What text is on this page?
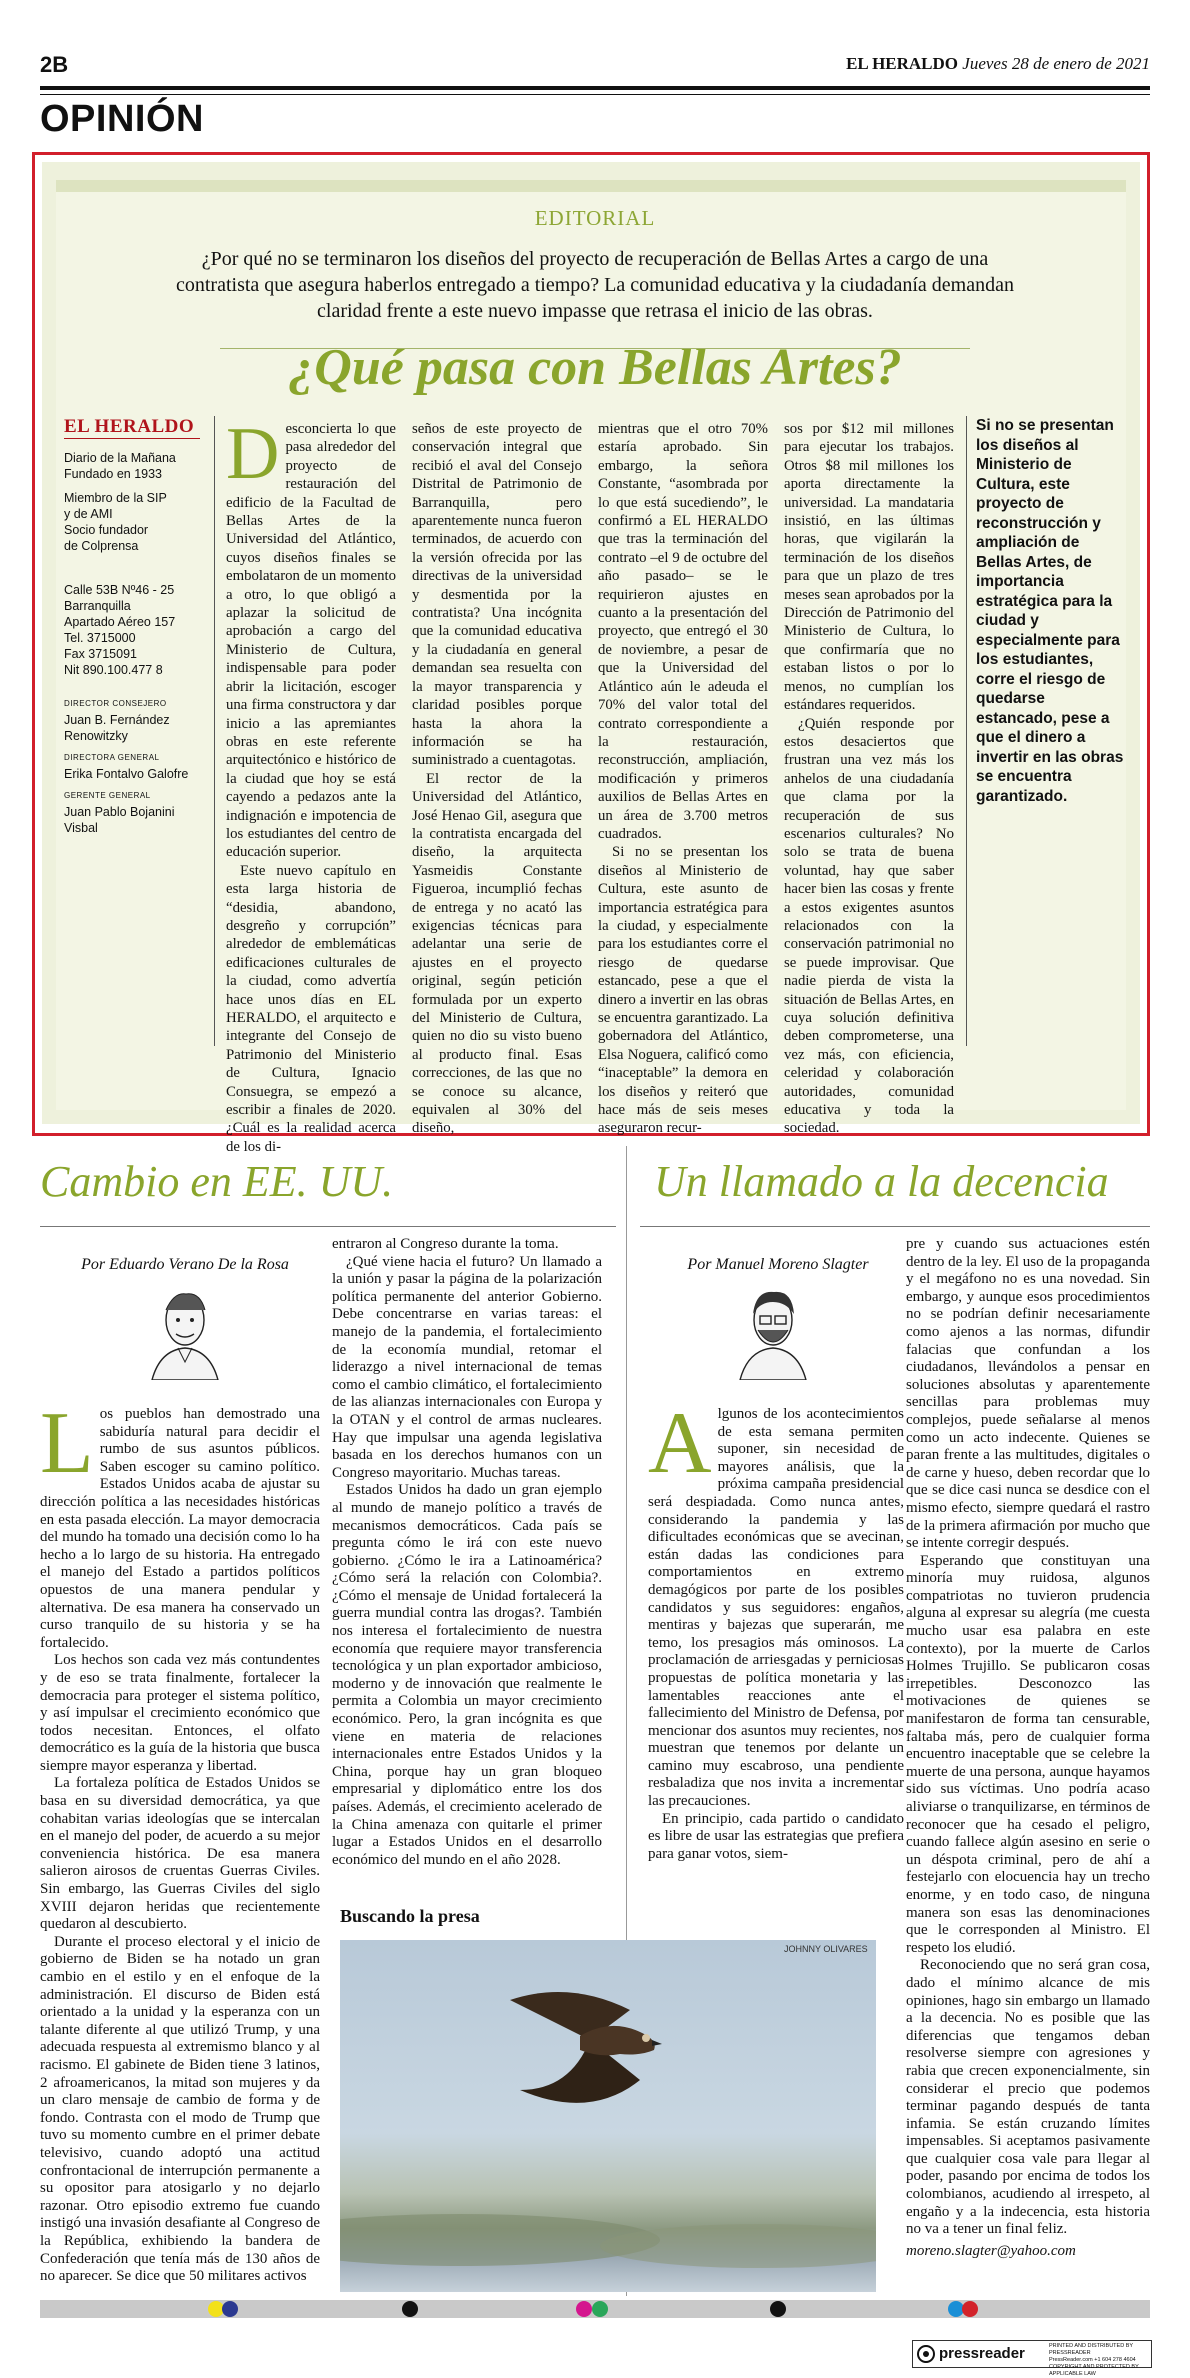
2B	EL HERALDO Jueves 28 de enero de 2021
OPINIÓN
EDITORIAL
¿Por qué no se terminaron los diseños del proyecto de recuperación de Bellas Artes a cargo de una contratista que asegura haberlos entregado a tiempo? La comunidad educativa y la ciudadanía demandan claridad frente a este nuevo impasse que retrasa el inicio de las obras.
¿Qué pasa con Bellas Artes?
EL HERALDO
Diario de la Mañana
Fundado en 1933
Miembro de la SIP
y de AMI
Socio fundador
de Colprensa
Calle 53B Nº46 - 25
Barranquilla
Apartado Aéreo 157
Tel. 3715000
Fax 3715091
Nit 890.100.477 8
DIRECTOR CONSEJERO
Juan B. Fernández Renowitzky
DIRECTORA GENERAL
Erika Fontalvo Galofre
GERENTE GENERAL
Juan Pablo Bojanini Visbal

Desconcierta lo que pasa alrededor del proyecto de restauración del edificio de la Facultad de Bellas Artes de la Universidad del Atlántico, cuyos diseños finales se embolataron de un momento a otro, lo que obligó a aplazar la solicitud de aprobación a cargo del Ministerio de Cultura, indispensable para poder abrir la licitación, escoger una firma constructora y dar inicio a las apremiantes obras en este referente arquitectónico e histórico de la ciudad que hoy se está cayendo a pedazos ante la indignación e impotencia de los estudiantes del centro de educación superior.

Este nuevo capítulo en esta larga historia de “desidia, abandono, desgreño y corrupción” alrededor de emblemáticas edificaciones culturales de la ciudad, como advertía hace unos días en EL HERALDO, el arquitecto e integrante del Consejo de Patrimonio del Ministerio de Cultura, Ignacio Consuegra, se empezó a escribir a finales de 2020. ¿Cuál es la realidad acerca de los di-

seños de este proyecto de conservación integral que recibió el aval del Consejo Distrital de Patrimonio de Barranquilla, pero aparentemente nunca fueron terminados, de acuerdo con la versión ofrecida por las directivas de la universidad y desmentida por la contratista? Una incógnita que la comunidad educativa y la ciudadanía en general demandan sea resuelta con la mayor transparencia y claridad posibles porque hasta la ahora la información se ha suministrado a cuentagotas.

El rector de la Universidad del Atlántico, José Henao Gil, asegura que la contratista encargada del diseño, la arquitecta Yasmeidis Constante Figueroa, incumplió fechas de entrega y no acató las exigencias técnicas para adelantar una serie de ajustes en el proyecto original, según petición formulada por un experto del Ministerio de Cultura, quien no dio su visto bueno al producto final. Esas correcciones, de las que no se conoce su alcance, equivalen al 30% del diseño,

mientras que el otro 70% estaría aprobado. Sin embargo, la señora Constante, “asombrada por lo que está sucediendo”, le confirmó a EL HERALDO que tras la terminación del contrato –el 9 de octubre del año pasado– se le requirieron ajustes en cuanto a la presentación del proyecto, que entregó el 30 de noviembre, a pesar de que la Universidad del Atlántico aún le adeuda el 70% del valor total del contrato correspondiente a la restauración, reconstrucción, ampliación, modificación y primeros auxilios de Bellas Artes en un área de 3.700 metros cuadrados.

Si no se presentan los diseños al Ministerio de Cultura, este asunto de importancia estratégica para la ciudad, y especialmente para los estudiantes corre el riesgo de quedarse estancado, pese a que el dinero a invertir en las obras se encuentra garantizado. La gobernadora del Atlántico, Elsa Noguera, calificó como “inaceptable” la demora en los diseños y reiteró que hace más de seis meses aseguraron recur-

sos por $12 mil millones para ejecutar los trabajos. Otros $8 mil millones los aporta directamente la universidad. La mandataria insistió, en las últimas horas, que vigilarán la terminación de los diseños para que un plazo de tres meses sean aprobados por la Dirección de Patrimonio del Ministerio de Cultura, lo que confirmaría que no estaban listos o por lo menos, no cumplían los estándares requeridos.

¿Quién responde por estos desaciertos que frustran una vez más los anhelos de una ciudadanía que clama por la recuperación de sus escenarios culturales? No solo se trata de buena voluntad, hay que saber hacer bien las cosas y frente a estos exigentes asuntos relacionados con la conservación patrimonial no se puede improvisar. Que nadie pierda de vista la situación de Bellas Artes, en cuya solución definitiva deben comprometerse, una vez más, con eficiencia, celeridad y colaboración autoridades, comunidad educativa y toda la sociedad.

Si no se presentan los diseños al Ministerio de Cultura, este proyecto de reconstrucción y ampliación de Bellas Artes, de importancia estratégica para la ciudad y especialmente para los estudiantes, corre el riesgo de quedarse estancado, pese a que el dinero a invertir en las obras se encuentra garantizado.
Cambio en EE. UU.
Por Eduardo Verano De la Rosa

Los pueblos han demostrado una sabiduría natural para decidir el rumbo de sus asuntos públicos. Saben escoger su camino político. Estados Unidos acaba de ajustar su dirección política a las necesidades históricas en esta pasada elección. La mayor democracia del mundo ha tomado una decisión como lo ha hecho a lo largo de su historia. Ha entregado el manejo del Estado a partidos políticos opuestos de una manera pendular y alternativa. De esa manera ha conservado un curso tranquilo de su historia y se ha fortalecido.

Los hechos son cada vez más contundentes y de eso se trata finalmente, fortalecer la democracia para proteger el sistema político, y así impulsar el crecimiento económico que todos necesitan. Entonces, el olfato democrático es la guía de la historia que busca siempre mayor esperanza y libertad.

La fortaleza política de Estados Unidos se basa en su diversidad democrática, ya que cohabitan varias ideologías que se intercalan en el manejo del poder, de acuerdo a su mejor conveniencia histórica. De esa manera salieron airosos de cruentas Guerras Civiles. Sin embargo, las Guerras Civiles del siglo XVIII dejaron heridas que recientemente quedaron al descubierto.

Durante el proceso electoral y el inicio de gobierno de Biden se ha notado un gran cambio en el estilo y en el enfoque de la administración. El discurso de Biden está orientado a la unidad y la esperanza con un talante diferente al que utilizó Trump, y una adecuada respuesta al extremismo blanco y al racismo. El gabinete de Biden tiene 3 latinos, 2 afroamericanos, la mitad son mujeres y da un claro mensaje de cambio de forma y de fondo. Contrasta con el modo de Trump que tuvo su momento cumbre en el primer debate televisivo, cuando adoptó una actitud confrontacional de interrupción permanente a su opositor para atosigarlo y no dejarlo razonar. Otro episodio extremo fue cuando instigó una invasión desafiante al Congreso de la República, exhibiendo la bandera de Confederación que tenía más de 130 años de no aparecer. Se dice que 50 militares activos

entraron al Congreso durante la toma.

¿Qué viene hacia el futuro? Un llamado a la unión y pasar la página de la polarización política permanente del anterior Gobierno. Debe concentrarse en varias tareas: el manejo de la pandemia, el fortalecimiento de la economía mundial, retomar el liderazgo a nivel internacional de temas como el cambio climático, el fortalecimiento de las alianzas internacionales con Europa y la OTAN y el control de armas nucleares. Hay que impulsar una agenda legislativa basada en los derechos humanos con un Congreso mayoritario. Muchas tareas.

Estados Unidos ha dado un gran ejemplo al mundo de manejo político a través de mecanismos democráticos. Cada país se pregunta cómo le irá con este nuevo gobierno. ¿Cómo le ira a Latinoamérica? ¿Cómo será la relación con Colombia?. ¿Cómo el mensaje de Unidad fortalecerá la guerra mundial contra las drogas?. También nos interesa el fortalecimiento de nuestra economía que requiere mayor transferencia tecnológica y un plan exportador ambicioso, moderno y de innovación que realmente le permita a Colombia un mayor crecimiento económico. Pero, la gran incógnita es que viene en materia de relaciones internacionales entre Estados Unidos y la China, porque hay un gran bloqueo empresarial y diplomático entre los dos países. Además, el crecimiento acelerado de la China amenaza con quitarle el primer lugar a Estados Unidos en el desarrollo económico del mundo en el año 2028.

Un llamado a la decencia
Por Manuel Moreno Slagter

Algunos de los acontecimientos de esta semana permiten suponer, sin necesidad de mayores análisis, que la próxima campaña presidencial será despiadada. Como nunca antes, considerando la pandemia y las dificultades económicas que se avecinan, están dadas las condiciones para comportamientos en extremo demagógicos por parte de los posibles candidatos y sus seguidores: engaños, mentiras y bajezas que superarán, me temo, los presagios más ominosos. La proclamación de arriesgadas y perniciosas propuestas de política monetaria y las lamentables reacciones ante el fallecimiento del Ministro de Defensa, por mencionar dos asuntos muy recientes, nos muestran que tenemos por delante un camino muy escabroso, una pendiente resbaladiza que nos invita a incrementar las precauciones.

En principio, cada partido o candidato es libre de usar las estrategias que prefiera para ganar votos, siem-

pre y cuando sus actuaciones estén dentro de la ley. El uso de la propaganda y el megáfono no es una novedad. Sin embargo, y aunque esos procedimientos no se podrían definir necesariamente como ajenos a las normas, difundir falacias que confundan a los ciudadanos, llevándolos a pensar en soluciones absolutas y aparentemente sencillas para problemas muy complejos, puede señalarse al menos como un acto indecente. Quienes se paran frente a las multitudes, digitales o de carne y hueso, deben recordar que lo que se dice casi nunca se desdice con el mismo efecto, siempre quedará el rastro de la primera afirmación por mucho que se intente corregir después.

Esperando que constituyan una minoría muy ruidosa, algunos compatriotas no tuvieron prudencia alguna al expresar su alegría (me cuesta mucho usar esa palabra en este contexto), por la muerte de Carlos Holmes Trujillo. Se publicaron cosas irrepetibles. Desconozco las motivaciones de quienes se manifestaron de forma tan censurable, faltaba más, pero de cualquier forma encuentro inaceptable que se celebre la muerte de una persona, aunque hayamos sido sus víctimas. Uno podría acaso aliviarse o tranquilizarse, en términos de reconocer que ha cesado el peligro, cuando fallece algún asesino en serie o un déspota criminal, pero de ahí a festejarlo con elocuencia hay un trecho enorme, y en todo caso, de ninguna manera son esas las denominaciones que le corresponden al Ministro. El respeto los eludió.

Reconociendo que no será gran cosa, dado el mínimo alcance de mis opiniones, hago sin embargo un llamado a la decencia. No es posible que las diferencias que tengamos deban resolverse siempre con agresiones y rabia que crecen exponencialmente, sin considerar el precio que podemos terminar pagando después de tanta infamia. Se están cruzando límites impensables. Si aceptamos pasivamente que cualquier cosa vale para llegar al poder, pasando por encima de todos los colombianos, acudiendo al irrespeto, al engaño y a la indecencia, esta historia no va a tener un final feliz.

moreno.slagter@yahoo.com

Buscando la presa
JOHNNY OLIVARES
pressreader	PRINTED AND DISTRIBUTED BY PRESSREADER
PressReader.com +1 604 278 4604
COPYRIGHT AND PROTECTED BY APPLICABLE LAW
